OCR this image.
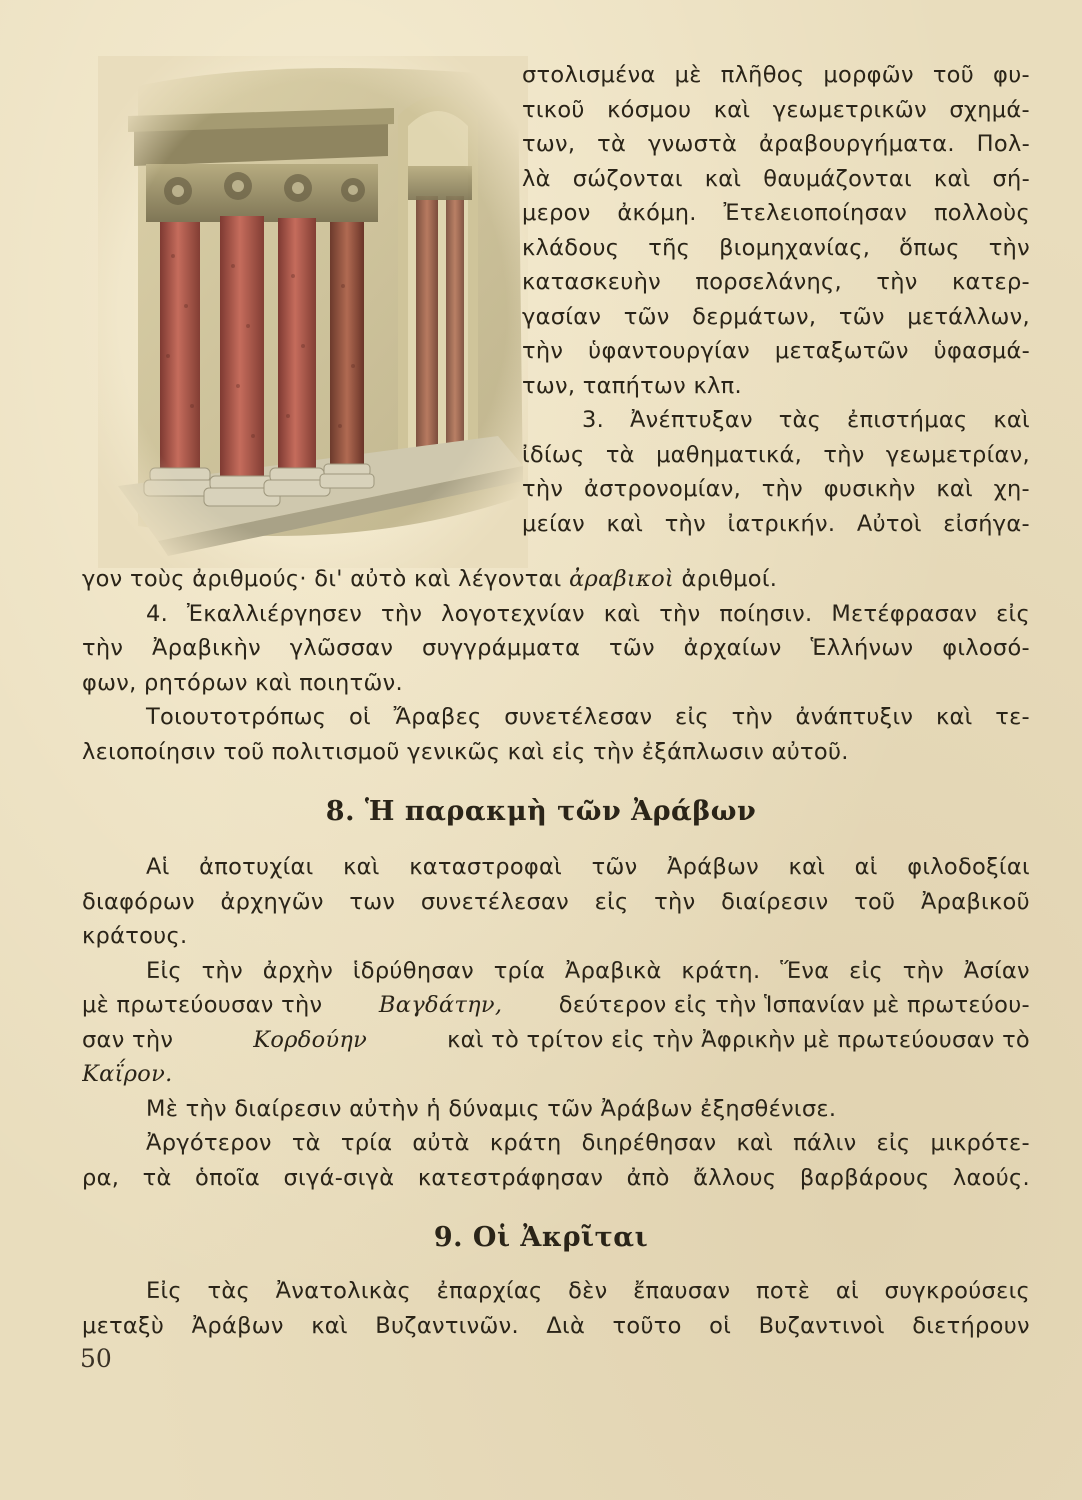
στολισμένα μὲ πλῆθος μορφῶν τοῦ φυ-
τικοῦ κόσμου καὶ γεωμετρικῶν σχημά-
των, τὰ γνωστὰ ἀραβουργήματα. Πολ-
λὰ σώζονται καὶ θαυμάζονται καὶ σή-
μερον ἀκόμη. Ἐτελειοποίησαν πολλοὺς
κλάδους τῆς βιομηχανίας, ὅπως τὴν
κατασκευὴν πορσελάνης, τὴν κατερ-
γασίαν τῶν δερμάτων, τῶν μετάλλων,
τὴν ὑφαντουργίαν μεταξωτῶν ὑφασμά-
των, ταπήτων κλπ.
3. Ἀνέπτυξαν τὰς ἐπιστήμας καὶ
ἰδίως τὰ μαθηματικά, τὴν γεωμετρίαν,
τὴν ἀστρονομίαν, τὴν φυσικὴν καὶ χη-
μείαν καὶ τὴν ἰατρικήν. Αὐτοὶ εἰσήγα-
γον τοὺς ἀριθμούς· δι' αὐτὸ καὶ λέγονται
ἀραβικοὶ
ἀριθμοί.
4. Ἐκαλλιέργησεν τὴν λογοτεχνίαν καὶ τὴν ποίησιν. Μετέφρασαν εἰς
τὴν Ἀραβικὴν γλῶσσαν συγγράμματα τῶν ἀρχαίων Ἑλλήνων φιλοσό-
φων, ρητόρων καὶ ποιητῶν.
Τοιουτοτρόπως οἱ Ἄραβες συνετέλεσαν εἰς τὴν ἀνάπτυξιν καὶ τε-
λειοποίησιν τοῦ πολιτισμοῦ γενικῶς καὶ εἰς τὴν ἐξάπλωσιν αὐτοῦ.
8. Ἡ παρακμὴ τῶν Ἀράβων
Αἱ ἀποτυχίαι καὶ καταστροφαὶ τῶν Ἀράβων καὶ αἱ φιλοδοξίαι
διαφόρων ἀρχηγῶν των συνετέλεσαν εἰς τὴν διαίρεσιν τοῦ Ἀραβικοῦ
κράτους.
Εἰς τὴν ἀρχὴν ἱδρύθησαν τρία Ἀραβικὰ κράτη. Ἕνα εἰς τὴν Ἀσίαν
μὲ πρωτεύουσαν τὴν	Βαγδάτην,	δεύτερον εἰς τὴν Ἱσπανίαν μὲ πρωτεύου-
σαν τὴν	Κορδούην	καὶ τὸ τρίτον εἰς τὴν Ἀφρικὴν μὲ πρωτεύουσαν τὸ
Καΐρον.
Μὲ τὴν διαίρεσιν αὐτὴν ἡ δύναμις τῶν Ἀράβων ἐξησθένισε.
Ἀργότερον τὰ τρία αὐτὰ κράτη διηρέθησαν καὶ πάλιν εἰς μικρότε-
ρα, τὰ ὁποῖα σιγά-σιγὰ κατεστράφησαν ἀπὸ ἄλλους βαρβάρους λαούς.
9. Οἱ Ἀκρῖται
Εἰς τὰς Ἀνατολικὰς ἐπαρχίας δὲν ἔπαυσαν ποτὲ αἱ συγκρούσεις
μεταξὺ Ἀράβων καὶ Βυζαντινῶν. Διὰ τοῦτο οἱ Βυζαντινοὶ διετήρουν
50
